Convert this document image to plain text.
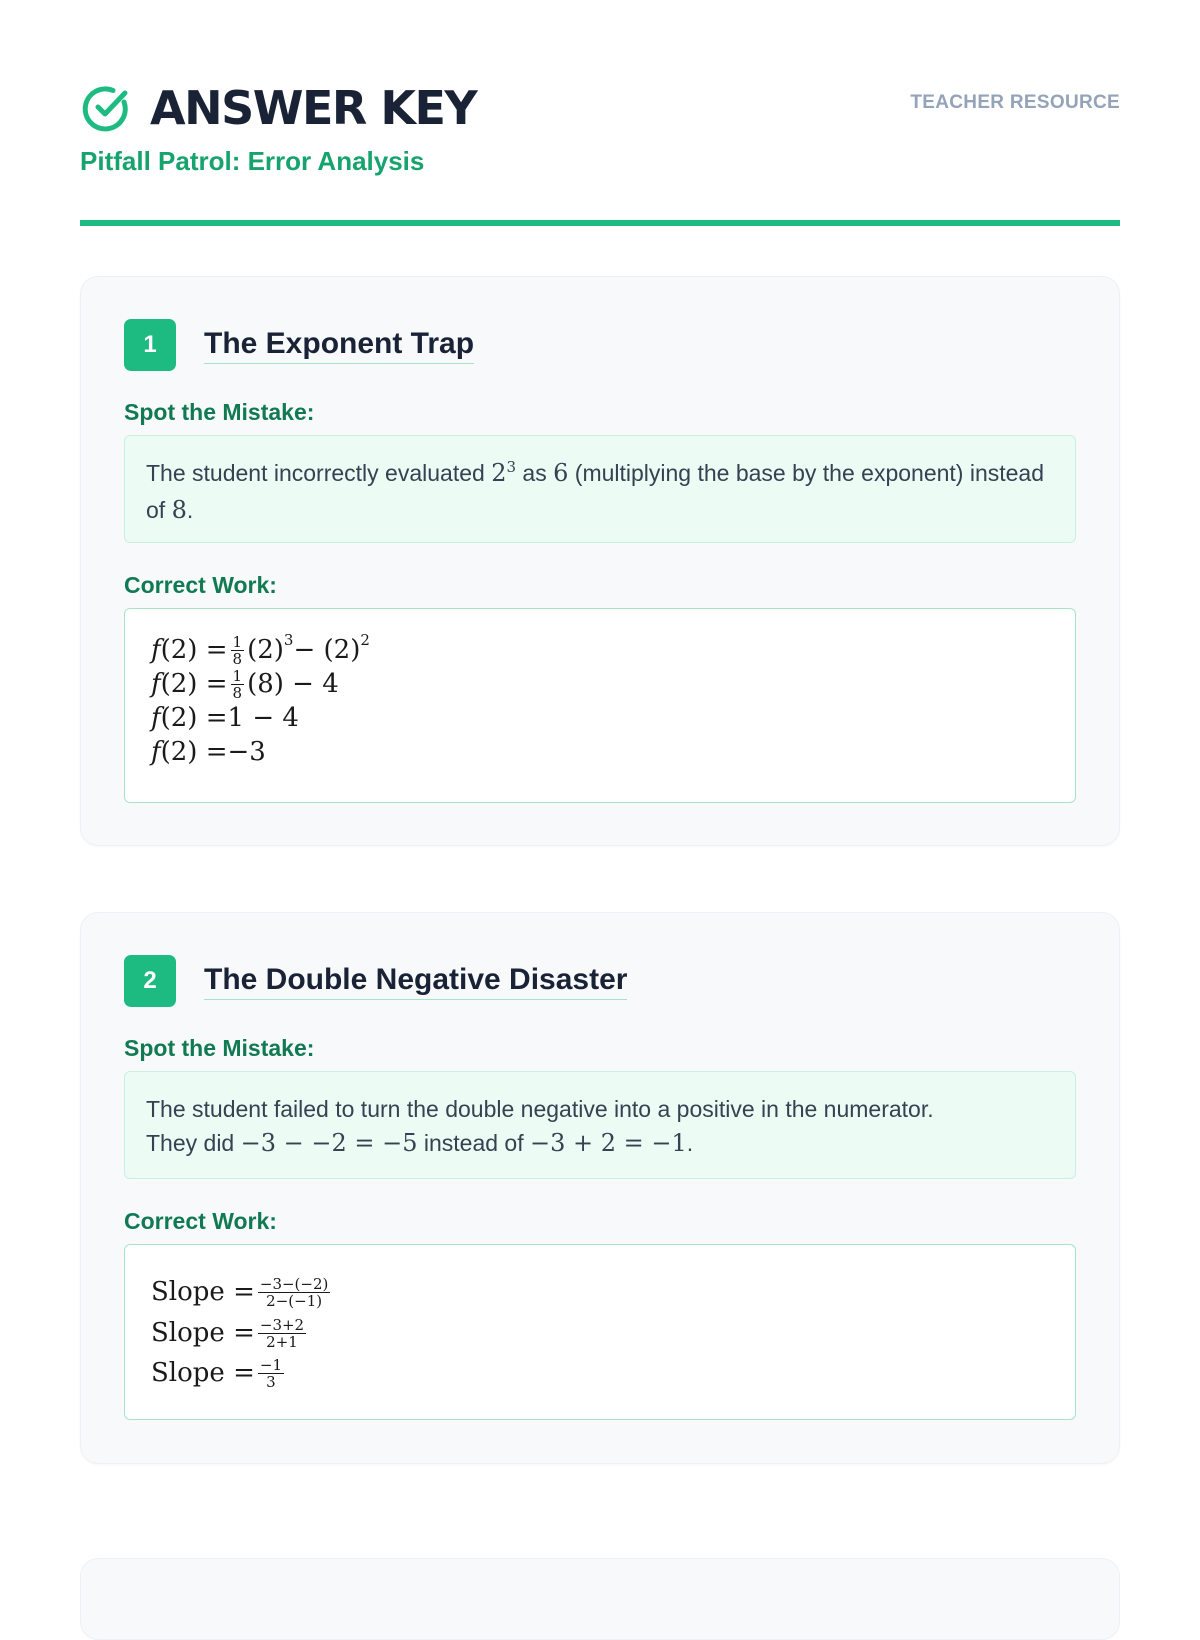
ANSWER KEY
Pitfall Patrol: Error Analysis
TEACHER RESOURCE
1	The Exponent Trap
Spot the Mistake:
The student incorrectly evaluated $2^3$ as 6 (multiplying the base by the exponent) instead of 8.
Correct Work:
f $(2) = \frac{1}{8} (2) 3 - (2)$ 2
f $(2) = \frac{1}{8} (8) - 4$
f (2) = 1 − 4
f (2) = −3
2	The Double Negative Disaster
Spot the Mistake:
The student failed to turn the double negative into a positive in the numerator.
They did −3 − −2 = −5 instead of −3 + 2 = −1.
Correct Work:
Slope = $\frac{-3-(-2)}{2-(-1)}$
Slope = $\frac{-3+2}{2+1}$
Slope = $\frac{-1}{3}$
